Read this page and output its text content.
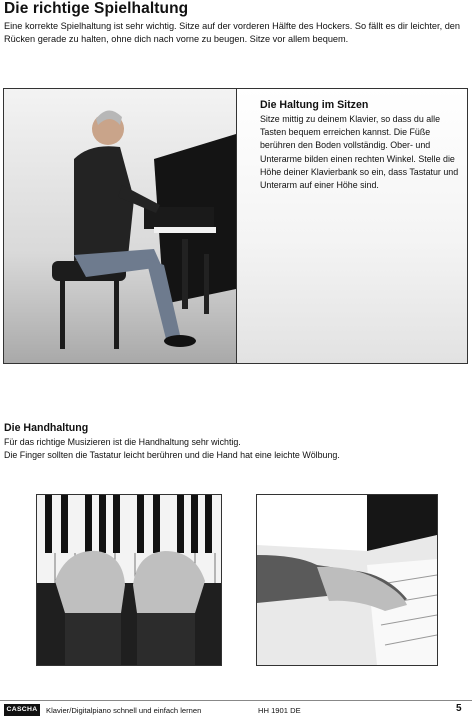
Die richtige Spielhaltung
Eine korrekte Spielhaltung ist sehr wichtig. Sitze auf der vorderen Hälfte des Hockers. So fällt es dir leichter, den Rücken gerade zu halten, ohne dich nach vorne zu beugen. Sitze vor allem bequem.
Die Haltung im Sitzen
Sitze mittig zu deinem Klavier, so dass du alle Tasten bequem erreichen kannst. Die Füße berühren den Boden vollständig. Ober- und Unterarme bilden einen rechten Winkel. Stelle die Höhe deiner Klavierbank so ein, dass Tastatur und Unterarm auf einer Höhe sind.
Die Handhaltung
Für das richtige Musizieren ist die Handhaltung sehr wichtig.
Die Finger sollten die Tastatur leicht berühren und die Hand hat eine leichte Wölbung.
CASCHA	Klavier/Digitalpiano schnell und einfach lernen	HH 1901 DE	5
